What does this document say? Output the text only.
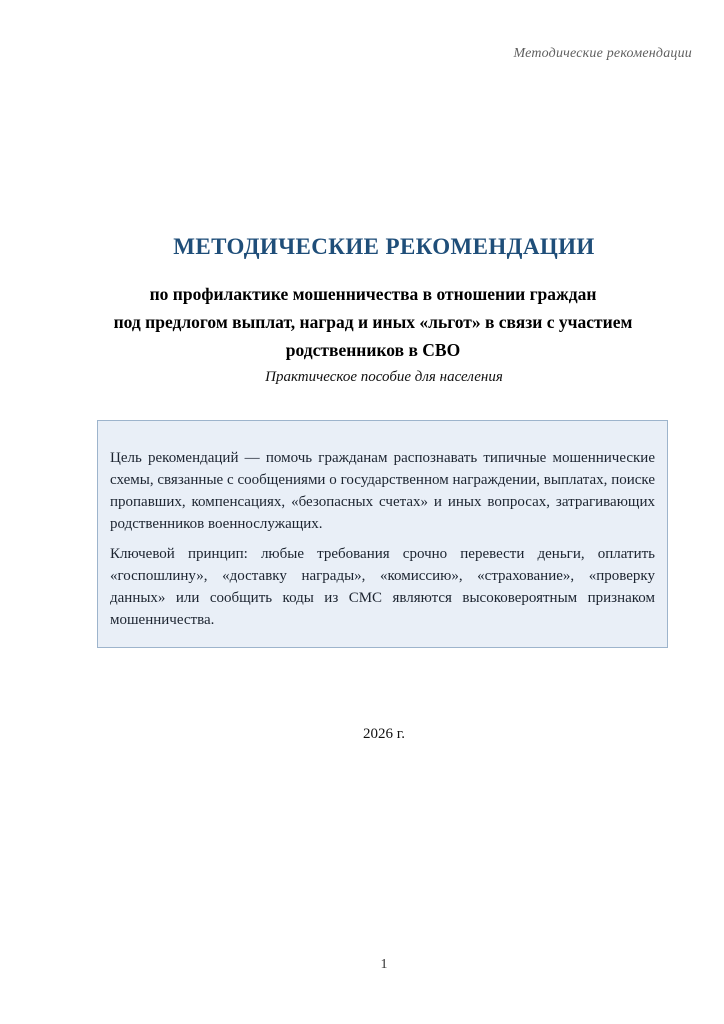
Методические рекомендации
МЕТОДИЧЕСКИЕ РЕКОМЕНДАЦИИ
по профилактике мошенничества в отношении граждан
под предлогом выплат, наград и иных «льгот» в связи с участием
родственников в СВО
Практическое пособие для населения

Цель рекомендаций — помочь гражданам распознавать типичные мошеннические схемы, связанные с сообщениями о государственном награждении, выплатах, поиске пропавших, компенсациях, «безопасных счетах» и иных вопросах, затрагивающих родственников военнослужащих.

Ключевой принцип: любые требования срочно перевести деньги, оплатить «госпошлину», «доставку награды», «комиссию», «страхование», «проверку данных» или сообщить коды из СМС являются высоковероятным признаком мошенничества.

2026 г.
1
